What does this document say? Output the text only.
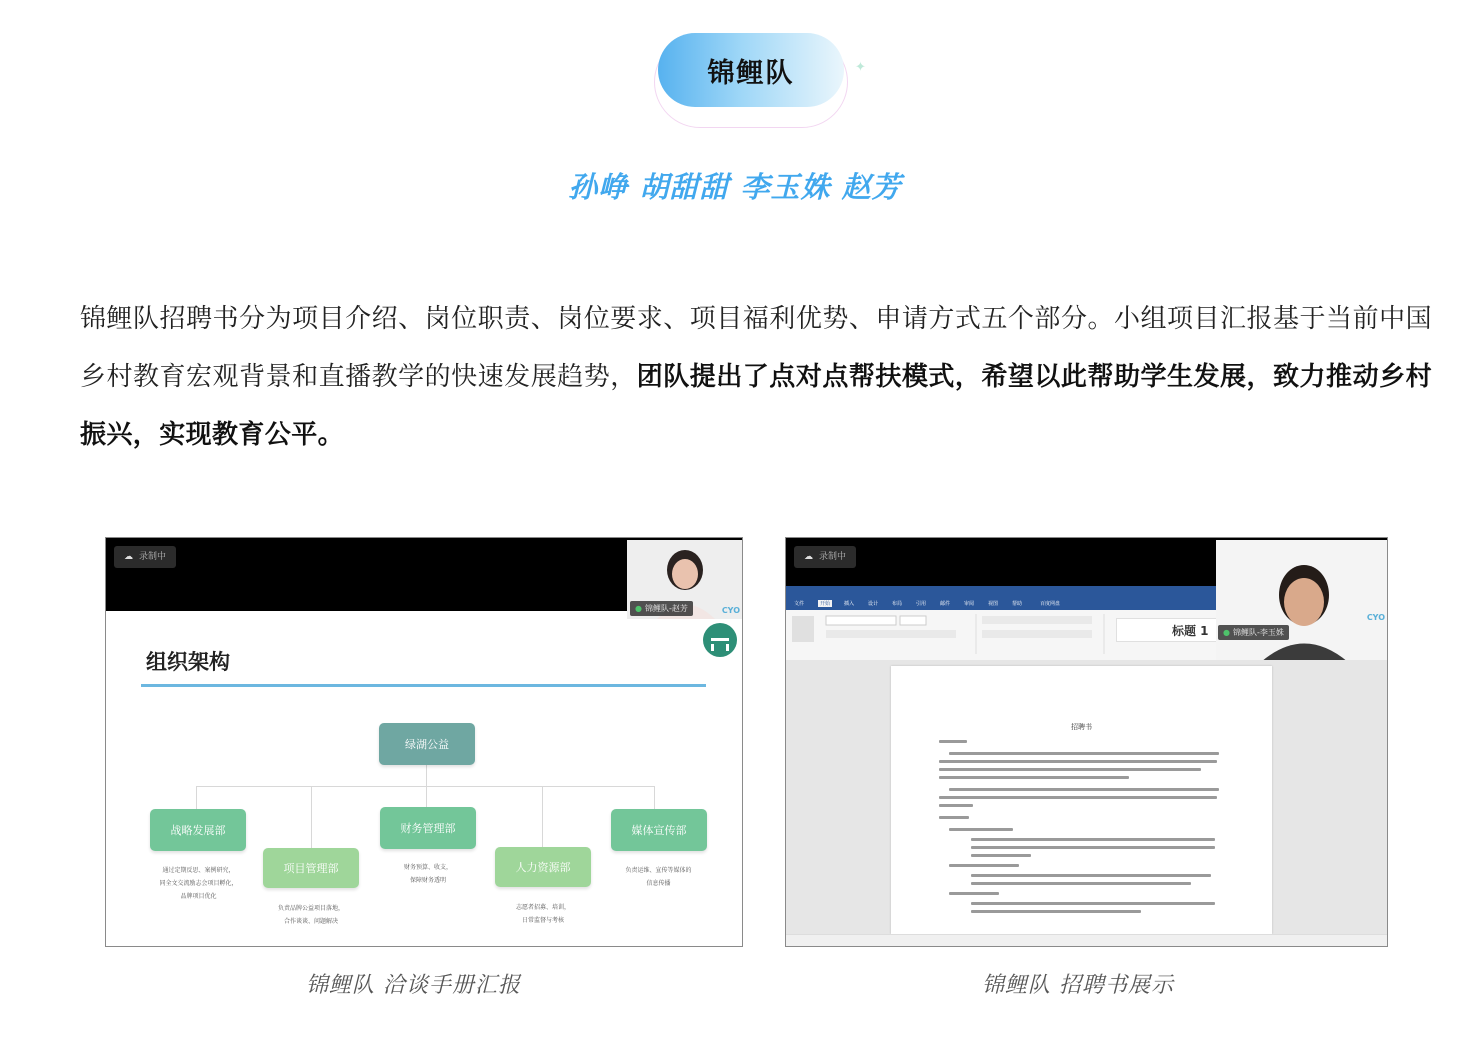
锦鲤队	✦
孙峥 胡甜甜 李玉姝 赵芳
锦鲤队招聘书分为项目介绍、岗位职责、岗位要求、项目福利优势、申请方式五个部分。小组项目汇报基于当前中国乡村教育宏观背景和直播教学的快速发展趋势，团队提出了点对点帮扶模式，希望以此帮助学生发展，致力推动乡村振兴，实现教育公平。
☁ 录制中
● 锦鲤队-赵芳	CYO
组织架构
绿湖公益
战略发展部
项目管理部
财务管理部
人力资源部
媒体宣传部
通过定期反思、案例研究，
同全文交流励志会项目孵化，
品牌项目优化
负责品牌公益项目落地，
合作谈谈、问题解决
财务预算、收支，
保障财务透明
志愿者招募、培训，
日常监督与考核
负责运维、宣传等媒体的
信息传播
锦鲤队 洽谈手册汇报
☁ 录制中
文件	开始	插入	设计	布局	引用	邮件	审阅	视图	帮助	百度网盘
标题 1	● 锦鲤队-李玉姝
CYO
招聘书
锦鲤队 招聘书展示
